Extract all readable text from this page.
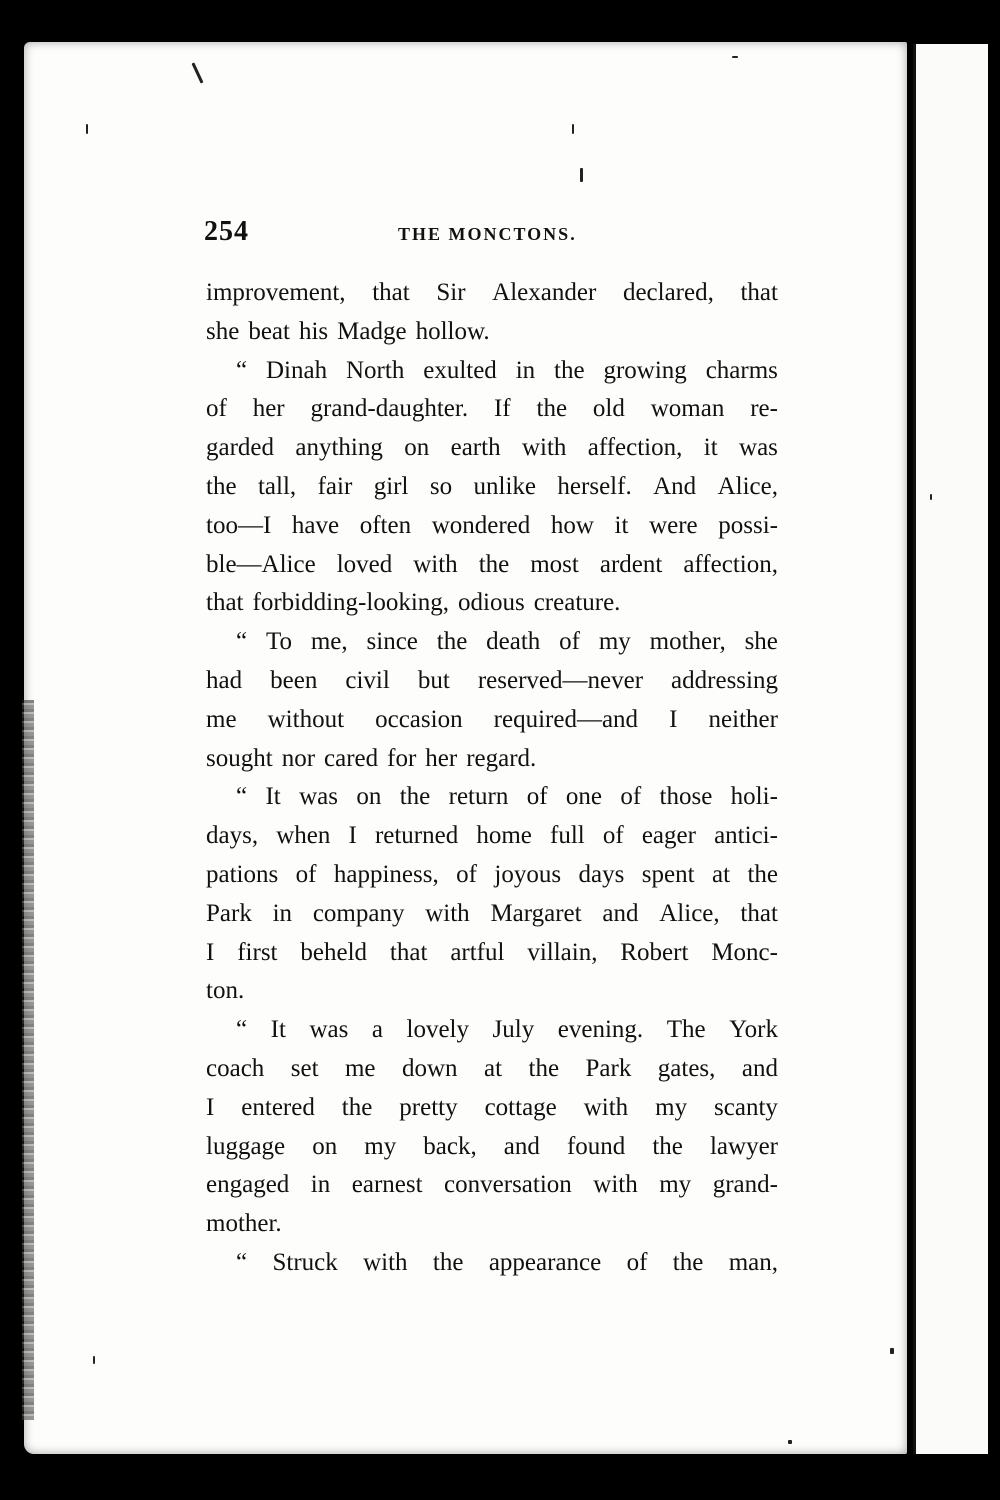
254	THE MONCTONS.
improvement, that Sir Alexander declared, that
she beat his Madge hollow.
“ Dinah North exulted in the growing charms
of her grand-daughter. If the old woman re-
garded anything on earth with affection, it was
the tall, fair girl so unlike herself. And Alice,
too—I have often wondered how it were possi-
ble—Alice loved with the most ardent affection,
that forbidding-looking, odious creature.
“ To me, since the death of my mother, she
had been civil but reserved—never addressing
me without occasion required—and I neither
sought nor cared for her regard.
“ It was on the return of one of those holi-
days, when I returned home full of eager antici-
pations of happiness, of joyous days spent at the
Park in company with Margaret and Alice, that
I first beheld that artful villain, Robert Monc-
ton.
“ It was a lovely July evening. The York
coach set me down at the Park gates, and
I entered the pretty cottage with my scanty
luggage on my back, and found the lawyer
engaged in earnest conversation with my grand-
mother.
“ Struck with the appearance of the man,
